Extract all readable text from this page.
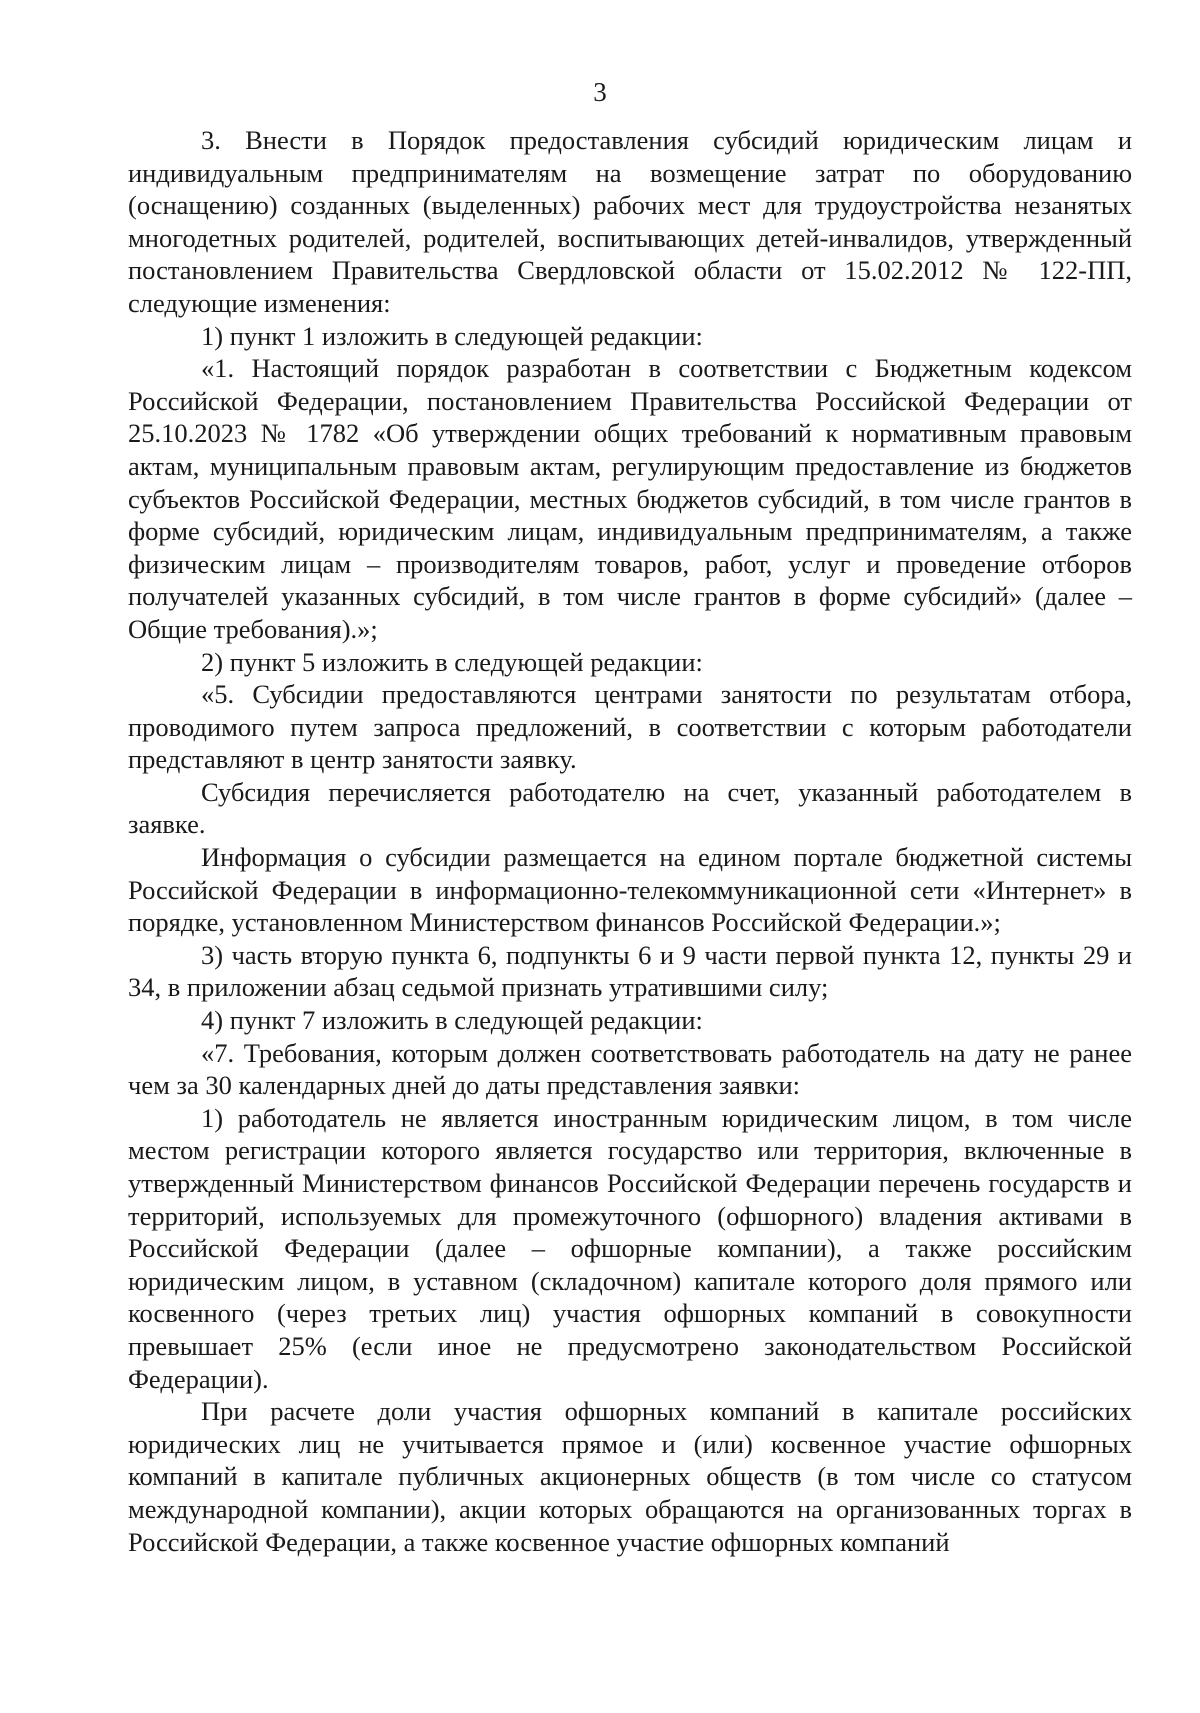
3

3. Внести в Порядок предоставления субсидий юридическим лицам и индивидуальным предпринимателям на возмещение затрат по оборудованию (оснащению) созданных (выделенных) рабочих мест для трудоустройства незанятых многодетных родителей, родителей, воспитывающих детей-инвалидов, утвержденный постановлением Правительства Свердловской области от 15.02.2012 № 122-ПП, следующие изменения:

1) пункт 1 изложить в следующей редакции:

«1. Настоящий порядок разработан в соответствии с Бюджетным кодексом Российской Федерации, постановлением Правительства Российской Федерации от 25.10.2023 № 1782 «Об утверждении общих требований к нормативным правовым актам, муниципальным правовым актам, регулирующим предоставление из бюджетов субъектов Российской Федерации, местных бюджетов субсидий, в том числе грантов в форме субсидий, юридическим лицам, индивидуальным предпринимателям, а также физическим лицам – производителям товаров, работ, услуг и проведение отборов получателей указанных субсидий, в том числе грантов в форме субсидий» (далее – Общие требования).»;

2) пункт 5 изложить в следующей редакции:

«5. Субсидии предоставляются центрами занятости по результатам отбора, проводимого путем запроса предложений, в соответствии с которым работодатели представляют в центр занятости заявку.

Субсидия перечисляется работодателю на счет, указанный работодателем в заявке.

Информация о субсидии размещается на едином портале бюджетной системы Российской Федерации в информационно-телекоммуникационной сети «Интернет» в порядке, установленном Министерством финансов Российской Федерации.»;

3) часть вторую пункта 6, подпункты 6 и 9 части первой пункта 12, пункты 29 и 34, в приложении абзац седьмой признать утратившими силу;

4) пункт 7 изложить в следующей редакции:

«7. Требования, которым должен соответствовать работодатель на дату не ранее чем за 30 календарных дней до даты представления заявки:

1) работодатель не является иностранным юридическим лицом, в том числе местом регистрации которого является государство или территория, включенные в утвержденный Министерством финансов Российской Федерации перечень государств и территорий, используемых для промежуточного (офшорного) владения активами в Российской Федерации (далее – офшорные компании), а также российским юридическим лицом, в уставном (складочном) капитале которого доля прямого или косвенного (через третьих лиц) участия офшорных компаний в совокупности превышает 25% (если иное не предусмотрено законодательством Российской Федерации).

При расчете доли участия офшорных компаний в капитале российских юридических лиц не учитывается прямое и (или) косвенное участие офшорных компаний в капитале публичных акционерных обществ (в том числе со статусом международной компании), акции которых обращаются на организованных торгах в Российской Федерации, а также косвенное участие офшорных компаний
